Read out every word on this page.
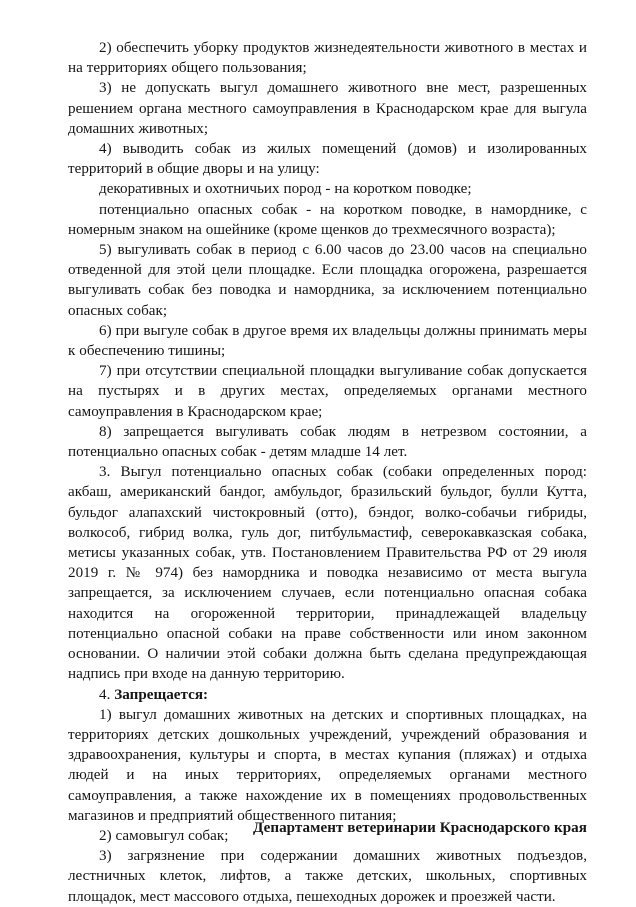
2) обеспечить уборку продуктов жизнедеятельности животного в местах и на территориях общего пользования;

3) не допускать выгул домашнего животного вне мест, разрешенных решением органа местного самоуправления в Краснодарском крае для выгула домашних животных;

4) выводить собак из жилых помещений (домов) и изолированных территорий в общие дворы и на улицу:

декоративных и охотничьих пород - на коротком поводке;

потенциально опасных собак - на коротком поводке, в наморднике, с номерным знаком на ошейнике (кроме щенков до трехмесячного возраста);

5) выгуливать собак в период с 6.00 часов до 23.00 часов на специально отведенной для этой цели площадке. Если площадка огорожена, разрешается выгуливать собак без поводка и намордника, за исключением потенциально опасных собак;

6) при выгуле собак в другое время их владельцы должны принимать меры к обеспечению тишины;

7) при отсутствии специальной площадки выгуливание собак допускается на пустырях и в других местах, определяемых органами местного самоуправления в Краснодарском крае;

8) запрещается выгуливать собак людям в нетрезвом состоянии, а потенциально опасных собак - детям младше 14 лет.

3. Выгул потенциально опасных собак (собаки определенных пород: акбаш, американский бандог, амбульдог, бразильский бульдог, булли Кутта, бульдог алапахский чистокровный (отто), бэндог, волко-собачьи гибриды, волкособ, гибрид волка, гуль дог, питбульмастиф, северокавказская собака, метисы указанных собак, утв. Постановлением Правительства РФ от 29 июля 2019 г. № 974) без намордника и поводка независимо от места выгула запрещается, за исключением случаев, если потенциально опасная собака находится на огороженной территории, принадлежащей владельцу потенциально опасной собаки на праве собственности или ином законном основании. О наличии этой собаки должна быть сделана предупреждающая надпись при входе на данную территорию.

4. Запрещается:

1) выгул домашних животных на детских и спортивных площадках, на территориях детских дошкольных учреждений, учреждений образования и здравоохранения, культуры и спорта, в местах купания (пляжах) и отдыха людей и на иных территориях, определяемых органами местного самоуправления, а также нахождение их в помещениях продовольственных магазинов и предприятий общественного питания;

2) самовыгул собак;

3) загрязнение при содержании домашних животных подъездов, лестничных клеток, лифтов, а также детских, школьных, спортивных площадок, мест массового отдыха, пешеходных дорожек и проезжей части.

Департамент ветеринарии Краснодарского края
